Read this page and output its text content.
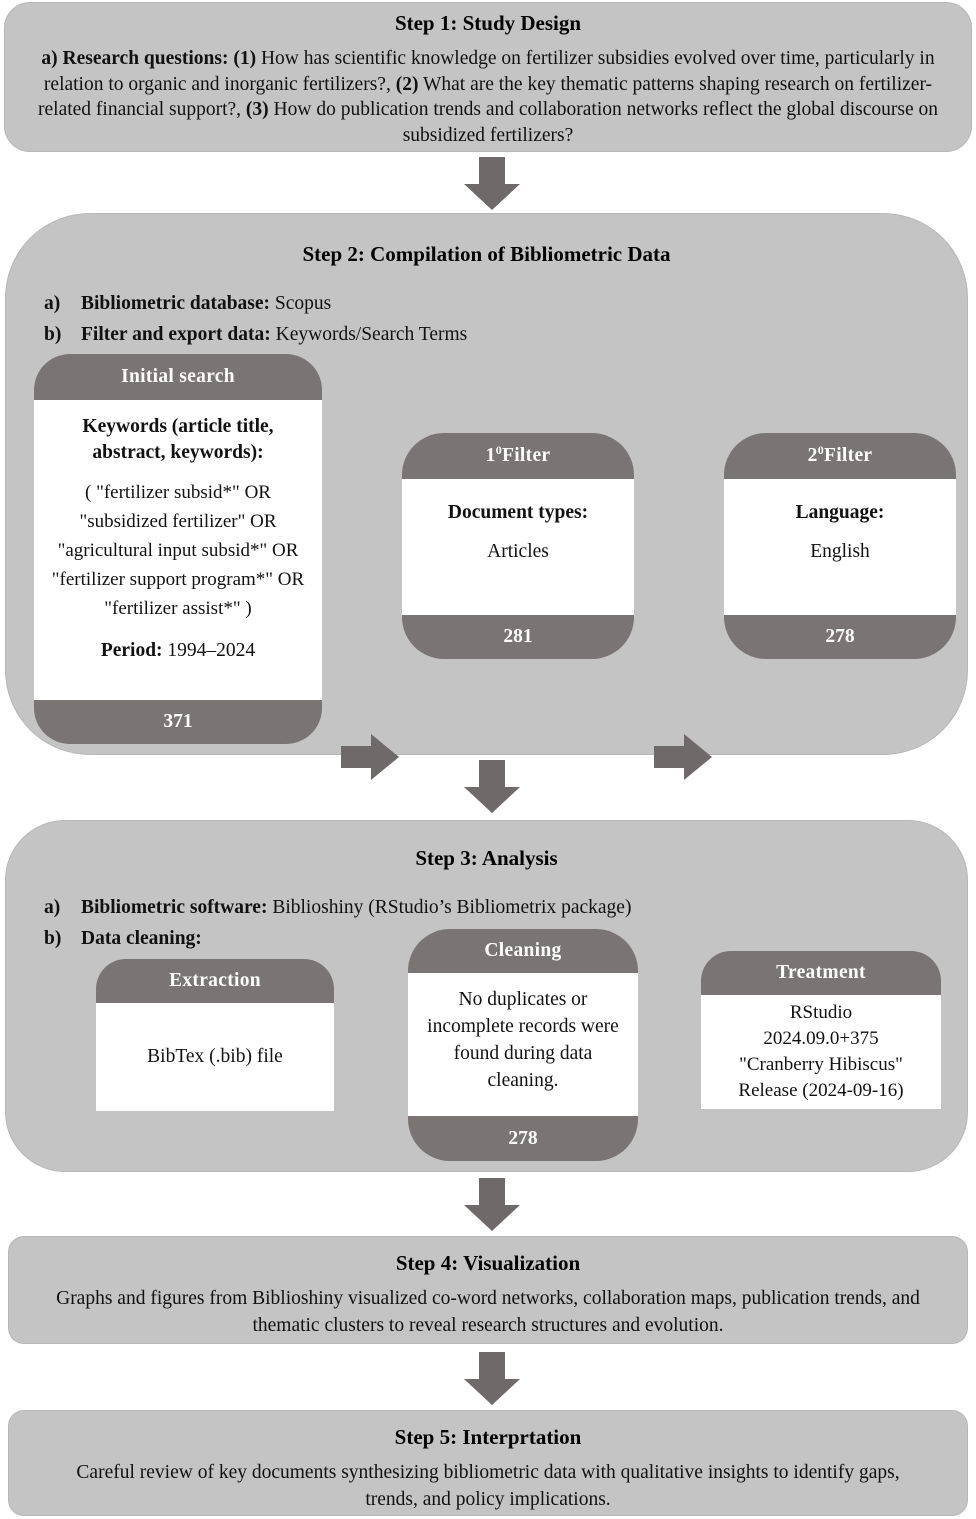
Step 1: Study Design

a) Research questions: (1) How has scientific knowledge on fertilizer subsidies evolved over time, particularly in relation to organic and inorganic fertilizers?, (2) What are the key thematic patterns shaping research on fertilizer-related financial support?, (3) How do publication trends and collaboration networks reflect the global discourse on subsidized fertilizers?

Step 2: Compilation of Bibliometric Data
a)	Bibliometric database: Scopus
b)	Filter and export data: Keywords/Search Terms
Initial search
Keywords (article title, abstract, keywords):
( "fertilizer subsid*" OR "subsidized fertilizer" OR "agricultural input subsid*" OR "fertilizer support program*" OR "fertilizer assist*" )
Period: 1994–2024
371
$1^0$ Filter
Document types:
Articles
281
$2^0$ Filter
Language:
English
278
Step 3: Analysis
a)	Bibliometric software: Biblioshiny (RStudio’s Bibliometrix package)
b)	Data cleaning:
Extraction
BibTex (.bib) file
Cleaning
No duplicates or incomplete records were found during data cleaning.
278
Treatment
RStudio
2024.09.0+375
"Cranberry Hibiscus"
Release (2024-09-16)
Step 4: Visualization

Graphs and figures from Biblioshiny visualized co-word networks, collaboration maps, publication trends, and thematic clusters to reveal research structures and evolution.

Step 5: Interprtation

Careful review of key documents synthesizing bibliometric data with qualitative insights to identify gaps, trends, and policy implications.
